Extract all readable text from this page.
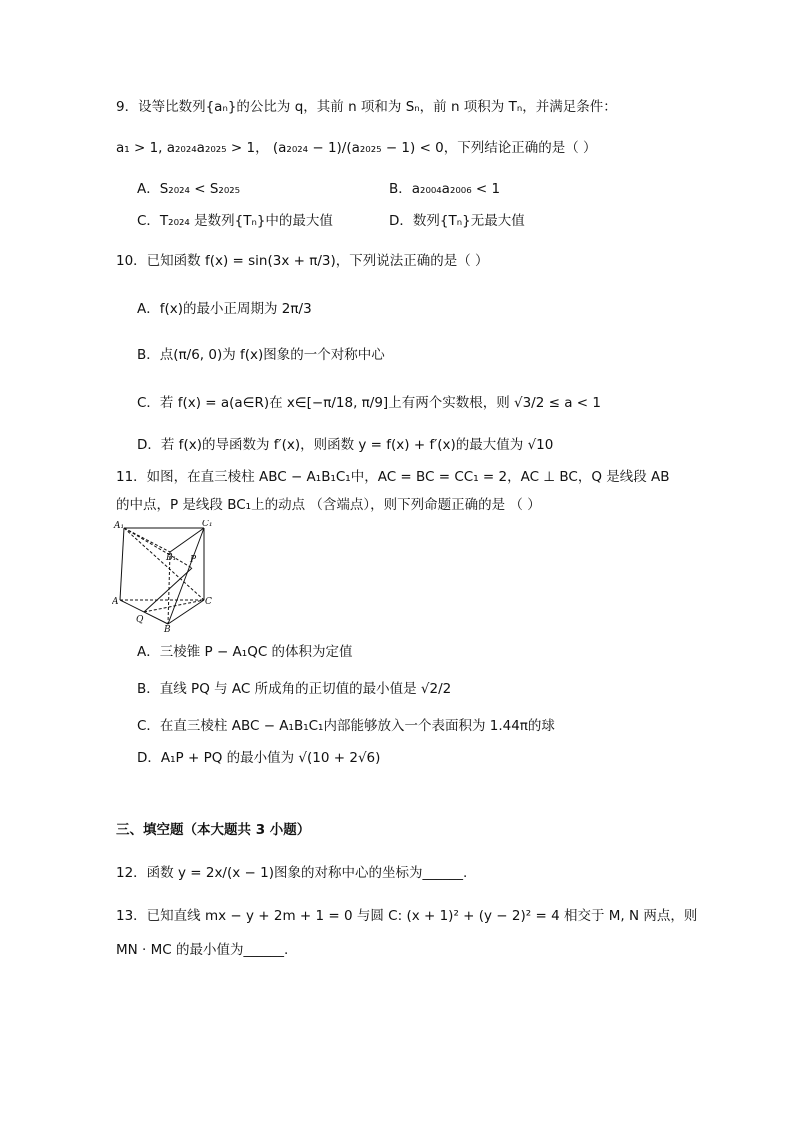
9．设等比数列{aₙ}的公比为 q，其前 n 项和为 Sₙ，前 n 项积为 Tₙ，并满足条件：
a₁ > 1, a₂₀₂₄a₂₀₂₅ > 1， (a₂₀₂₄ − 1)/(a₂₀₂₅ − 1) < 0，下列结论正确的是（ ）
A．S₂₀₂₄ < S₂₀₂₅	B．a₂₀₀₄a₂₀₀₆ < 1
C．T₂₀₂₄ 是数列{Tₙ}中的最大值	D．数列{Tₙ}无最大值
10．已知函数 f(x) = sin(3x + π/3)，下列说法正确的是（ ）
A．f(x)的最小正周期为 2π/3
B．点(π/6, 0)为 f(x)图象的一个对称中心
C．若 f(x) = a(a∈R)在 x∈[−π/18, π/9]上有两个实数根，则 √3/2 ≤ a < 1
D．若 f(x)的导函数为 f′(x)，则函数 y = f(x) + f′(x)的最大值为 √10
11．如图，在直三棱柱 ABC − A₁B₁C₁中，AC = BC = CC₁ = 2，AC ⊥ BC，Q 是线段 AB
的中点，P 是线段 BC₁上的动点 （含端点），则下列命题正确的是 （ ）
A₁	C₁
B₁ P
A	C
Q
B
A．三棱锥 P − A₁QC 的体积为定值
B．直线 PQ 与 AC 所成角的正切值的最小值是 √2/2
C．在直三棱柱 ABC − A₁B₁C₁内部能够放入一个表面积为 1.44π的球
D．A₁P + PQ 的最小值为 √(10 + 2√6)
三、填空题（本大题共 3 小题）
12．函数 y = 2x/(x − 1)图象的对称中心的坐标为______.
13．已知直线 mx − y + 2m + 1 = 0 与圆 C: (x + 1)² + (y − 2)² = 4 相交于 M, N 两点，则
MN · MC 的最小值为______.
